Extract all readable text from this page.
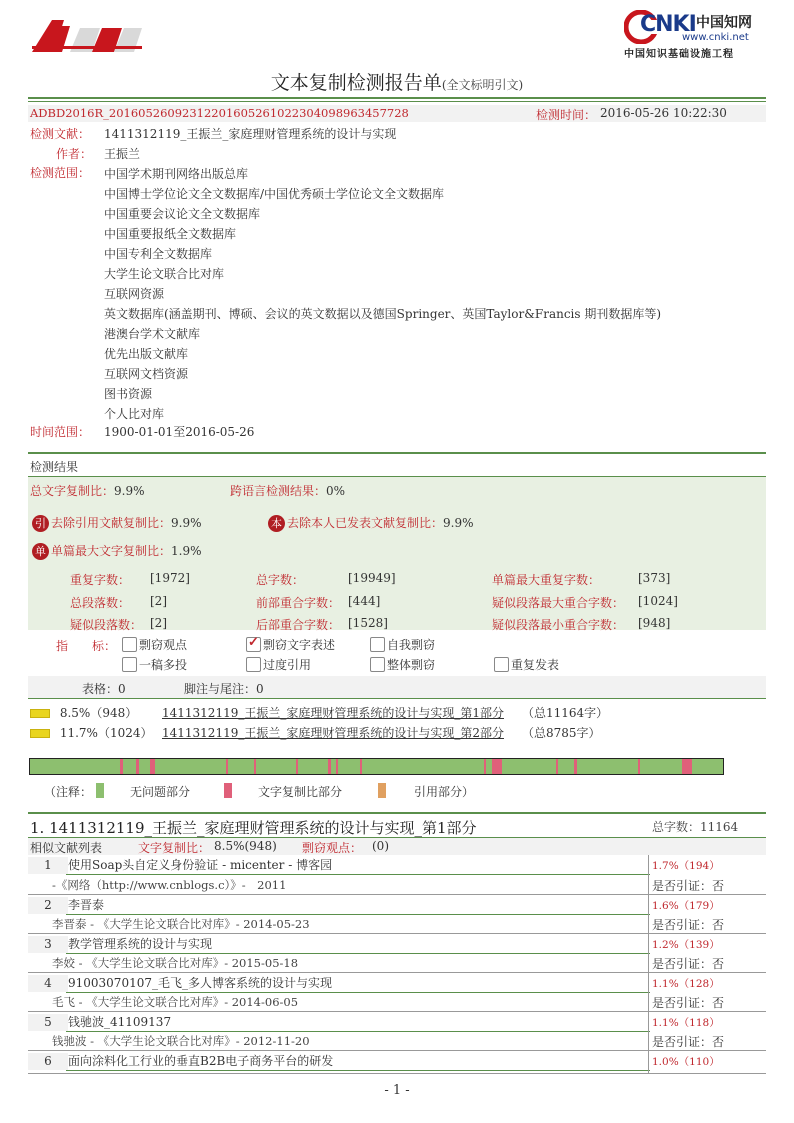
CNKI 中国知网
www.cnki.net
中国知识基础设施工程
文本复制检测报告单(全文标明引文)
ADBD2016R_20160526092312201605261022304098963457728	检测时间： 2016-05-26 10:22:30
检测文献： 1411312119_王振兰_家庭理财管理系统的设计与实现
作者： 王振兰
检测范围： 中国学术期刊网络出版总库
中国博士学位论文全文数据库/中国优秀硕士学位论文全文数据库
中国重要会议论文全文数据库
中国重要报纸全文数据库
中国专利全文数据库
大学生论文联合比对库
互联网资源
英文数据库(涵盖期刊、博硕、会议的英文数据以及德国Springer、英国Taylor&Francis 期刊数据库等)
港澳台学术文献库
优先出版文献库
互联网文档资源
图书资源
个人比对库
时间范围： 1900-01-01至2016-05-26
检测结果
总文字复制比：9.9%	跨语言检测结果：0%
引 去除引用文献复制比：9.9%	本 去除本人已发表文献复制比：9.9%
单 单篇最大文字复制比：1.9%
重复字数： [1972]	总字数：	[19949]	单篇最大重复字数：	[373]
总段落数： [2]	前部重合字数： [444]	疑似段落最大重合字数： [1024]
疑似段落数： [2]	后部重合字数： [1528]	疑似段落最小重合字数： [948]
指　　标：	剽窃观点
✓	剽窃文字表述	自我剽窃
一稿多投	过度引用	整体剽窃	重复发表
表格：0	脚注与尾注：0
8.5%（948） 1411312119_王振兰_家庭理财管理系统的设计与实现_第1部分 （总11164字）
11.7%（1024） 1411312119_王振兰_家庭理财管理系统的设计与实现_第2部分 （总8785字）
（注释：	无问题部分	文字复制比部分	引用部分）
1. 1411312119_王振兰_家庭理财管理系统的设计与实现_第1部分	总字数：11164
相似文献列表	文字复制比： 8.5%(948) 剽窃观点： (0)
1	使用Soap头自定义身份验证 - micenter - 博客园
-《网络（http://www.cnblogs.c）》-　2011
1.7%（194）
是否引证：否
2	李晋泰
李晋泰 - 《大学生论文联合比对库》- 2014-05-23
1.6%（179）
是否引证：否
3	教学管理系统的设计与实现
李姣 - 《大学生论文联合比对库》- 2015-05-18
1.2%（139）
是否引证：否
4	91003070107_毛飞_多人博客系统的设计与实现
毛飞 - 《大学生论文联合比对库》- 2014-06-05
1.1%（128）
是否引证：否
5	钱驰波_41109137
钱驰波 - 《大学生论文联合比对库》- 2012-11-20
1.1%（118）
是否引证：否
6	面向涂料化工行业的垂直B2B电子商务平台的研发	1.0%（110）
- 1 -
